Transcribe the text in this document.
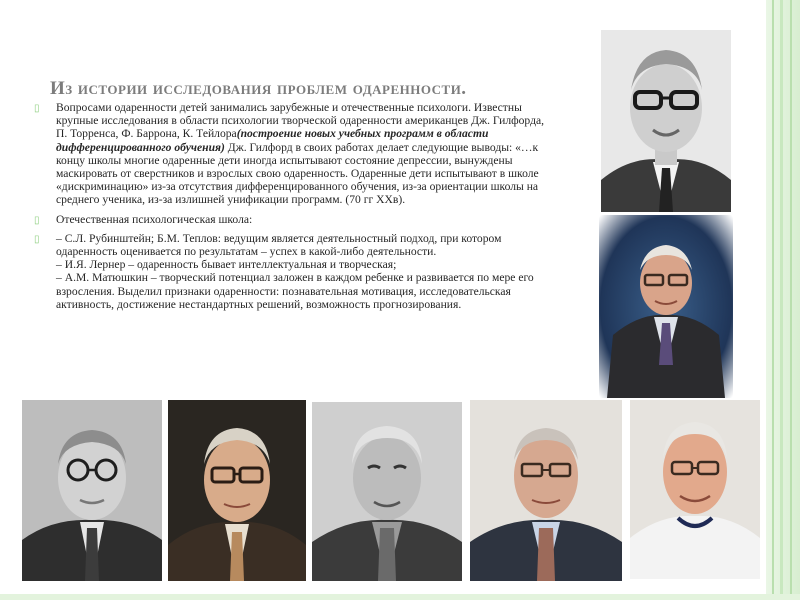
Из истории исследования проблем одаренности.
▯ Вопросами одаренности детей занимались зарубежные и отечественные психологи. Известны крупные исследования в области психологии творческой одаренности американцев Дж. Гилфорда, П. Торренса, Ф. Баррона, К. Тейлора(построение новых учебных программ в области дифференцированного обучения) Дж. Гилфорд в своих работах делает следующие выводы: «…к концу школы многие одаренные дети иногда испытывают состояние депрессии, вынуждены маскировать от сверстников и взрослых свою одаренность. Одаренные дети испытывают в школе «дискриминацию» из-за отсутствия дифференцированного обучения, из-за ориентации школы на среднего ученика, из-за излишней унификации программ. (70 гг XXв).

▯ Отечественная психологическая школа:

▯ – С.Л. Рубинштейн; Б.М. Теплов: ведущим является деятельностный подход, при котором одаренность оценивается по результатам – успех в какой-либо деятельности.

– И.Я. Лернер – одаренность бывает интеллектуальная и творческая;

– А.М. Матюшкин – творческий потенциал заложен в каждом ребенке и развивается по мере его взросления. Выделил признаки одаренности: познавательная мотивация, исследовательская активность, достижение нестандартных решений, возможность прогнозирования.
